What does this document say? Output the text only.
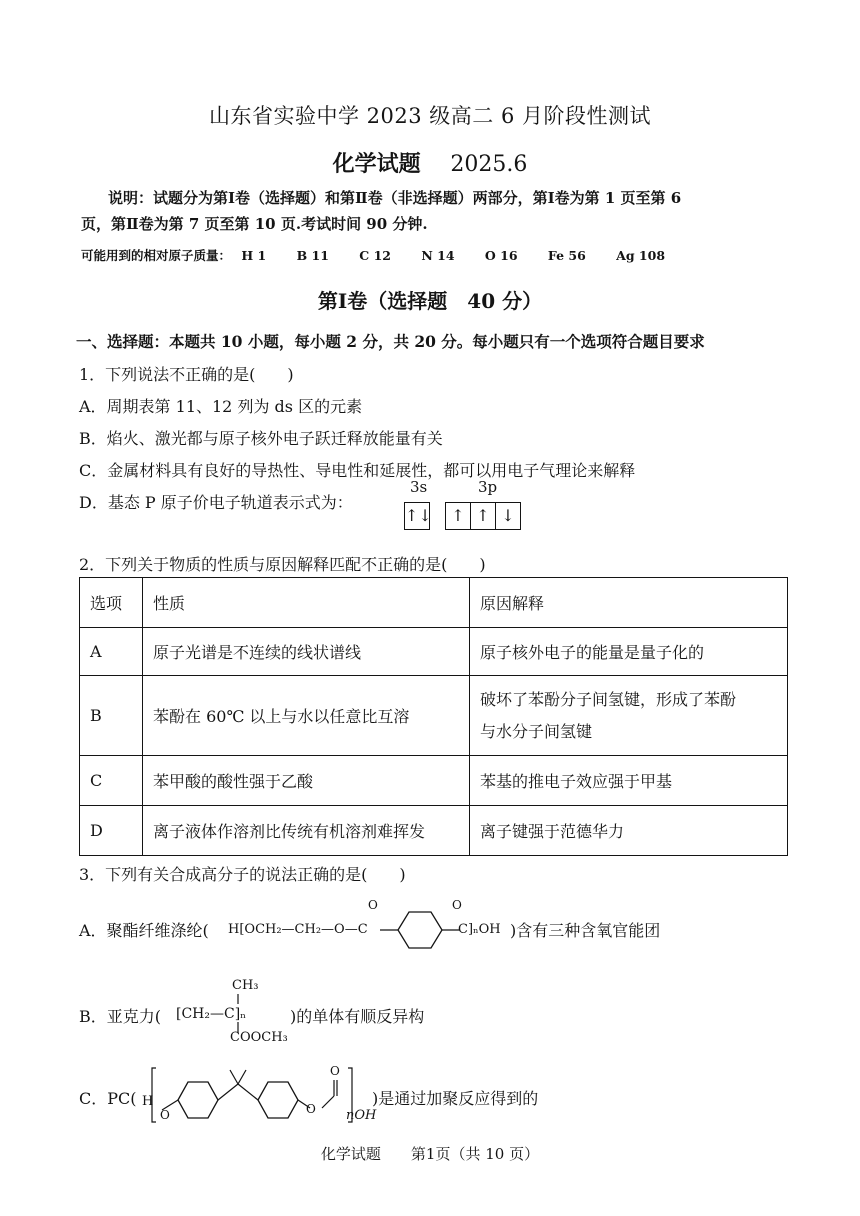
山东省实验中学 2023 级高二 6 月阶段性测试
化学试题 2025.6
说明：试题分为第Ⅰ卷（选择题）和第Ⅱ卷（非选择题）两部分，第Ⅰ卷为第 1 页至第 6
页，第Ⅱ卷为第 7 页至第 10 页.考试时间 90 分钟.
可能用到的相对原子质量： H 1 B 11 C 12 N 14 O 16 Fe 56 Ag 108
第Ⅰ卷（选择题　40 分）
一、选择题：本题共 10 小题，每小题 2 分，共 20 分。每小题只有一个选项符合题目要求
1．下列说法不正确的是(　　)
A．周期表第 11、12 列为 ds 区的元素
B．焰火、激光都与原子核外电子跃迁释放能量有关
C．金属材料具有良好的导热性、导电性和延展性，都可以用电子气理论来解释
D．基态 P 原子价电子轨道表示式为：
3s	3p
↑↓	↑ ↑ ↓
2．下列关于物质的性质与原因解释匹配不正确的是(　　)
选项	性质	原因解释
A	原子光谱是不连续的线状谱线	原子核外电子的能量是量子化的
B	苯酚在 60℃ 以上与水以任意比互溶	破坏了苯酚分子间氢键，形成了苯酚
与水分子间氢键

C	苯甲酸的酸性强于乙酸	苯基的推电子效应强于甲基
D	离子液体作溶剂比传统有机溶剂难挥发	离子键强于范德华力
3．下列有关合成高分子的说法正确的是(　　)
A．聚酯纤维涤纶( H[OCH₂—CH₂—O—C
O	O
C]ₙOH )含有三种含氧官能团
B．亚克力(
CH₃
[CH₂—C]ₙ
COOCH₃
)的单体有顺反异构
C．PC( H
O	O
O
nOH
)是通过加聚反应得到的
化学试题　　第1页（共 10 页）
